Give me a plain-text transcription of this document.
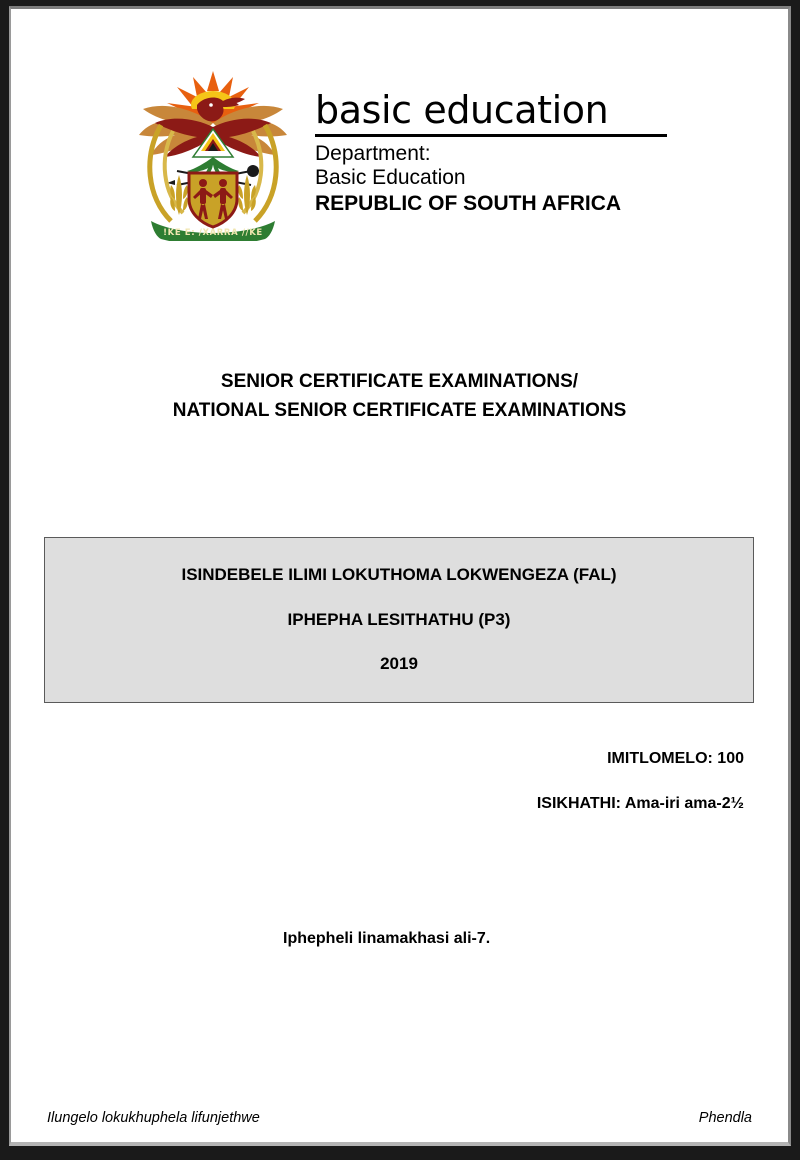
!KE E: /XARRA //KE
basic education
Department:
Basic Education
REPUBLIC OF SOUTH AFRICA
SENIOR CERTIFICATE EXAMINATIONS/
NATIONAL SENIOR CERTIFICATE EXAMINATIONS
ISINDEBELE ILIMI LOKUTHOMA LOKWENGEZA (FAL)
IPHEPHA LESITHATHU (P3)
2019
IMITLOMELO: 100
ISIKHATHI: Ama-iri ama-2½
Iphepheli linamakhasi ali-7.
Ilungelo lokukhuphela lifunjethwe	Phendla
